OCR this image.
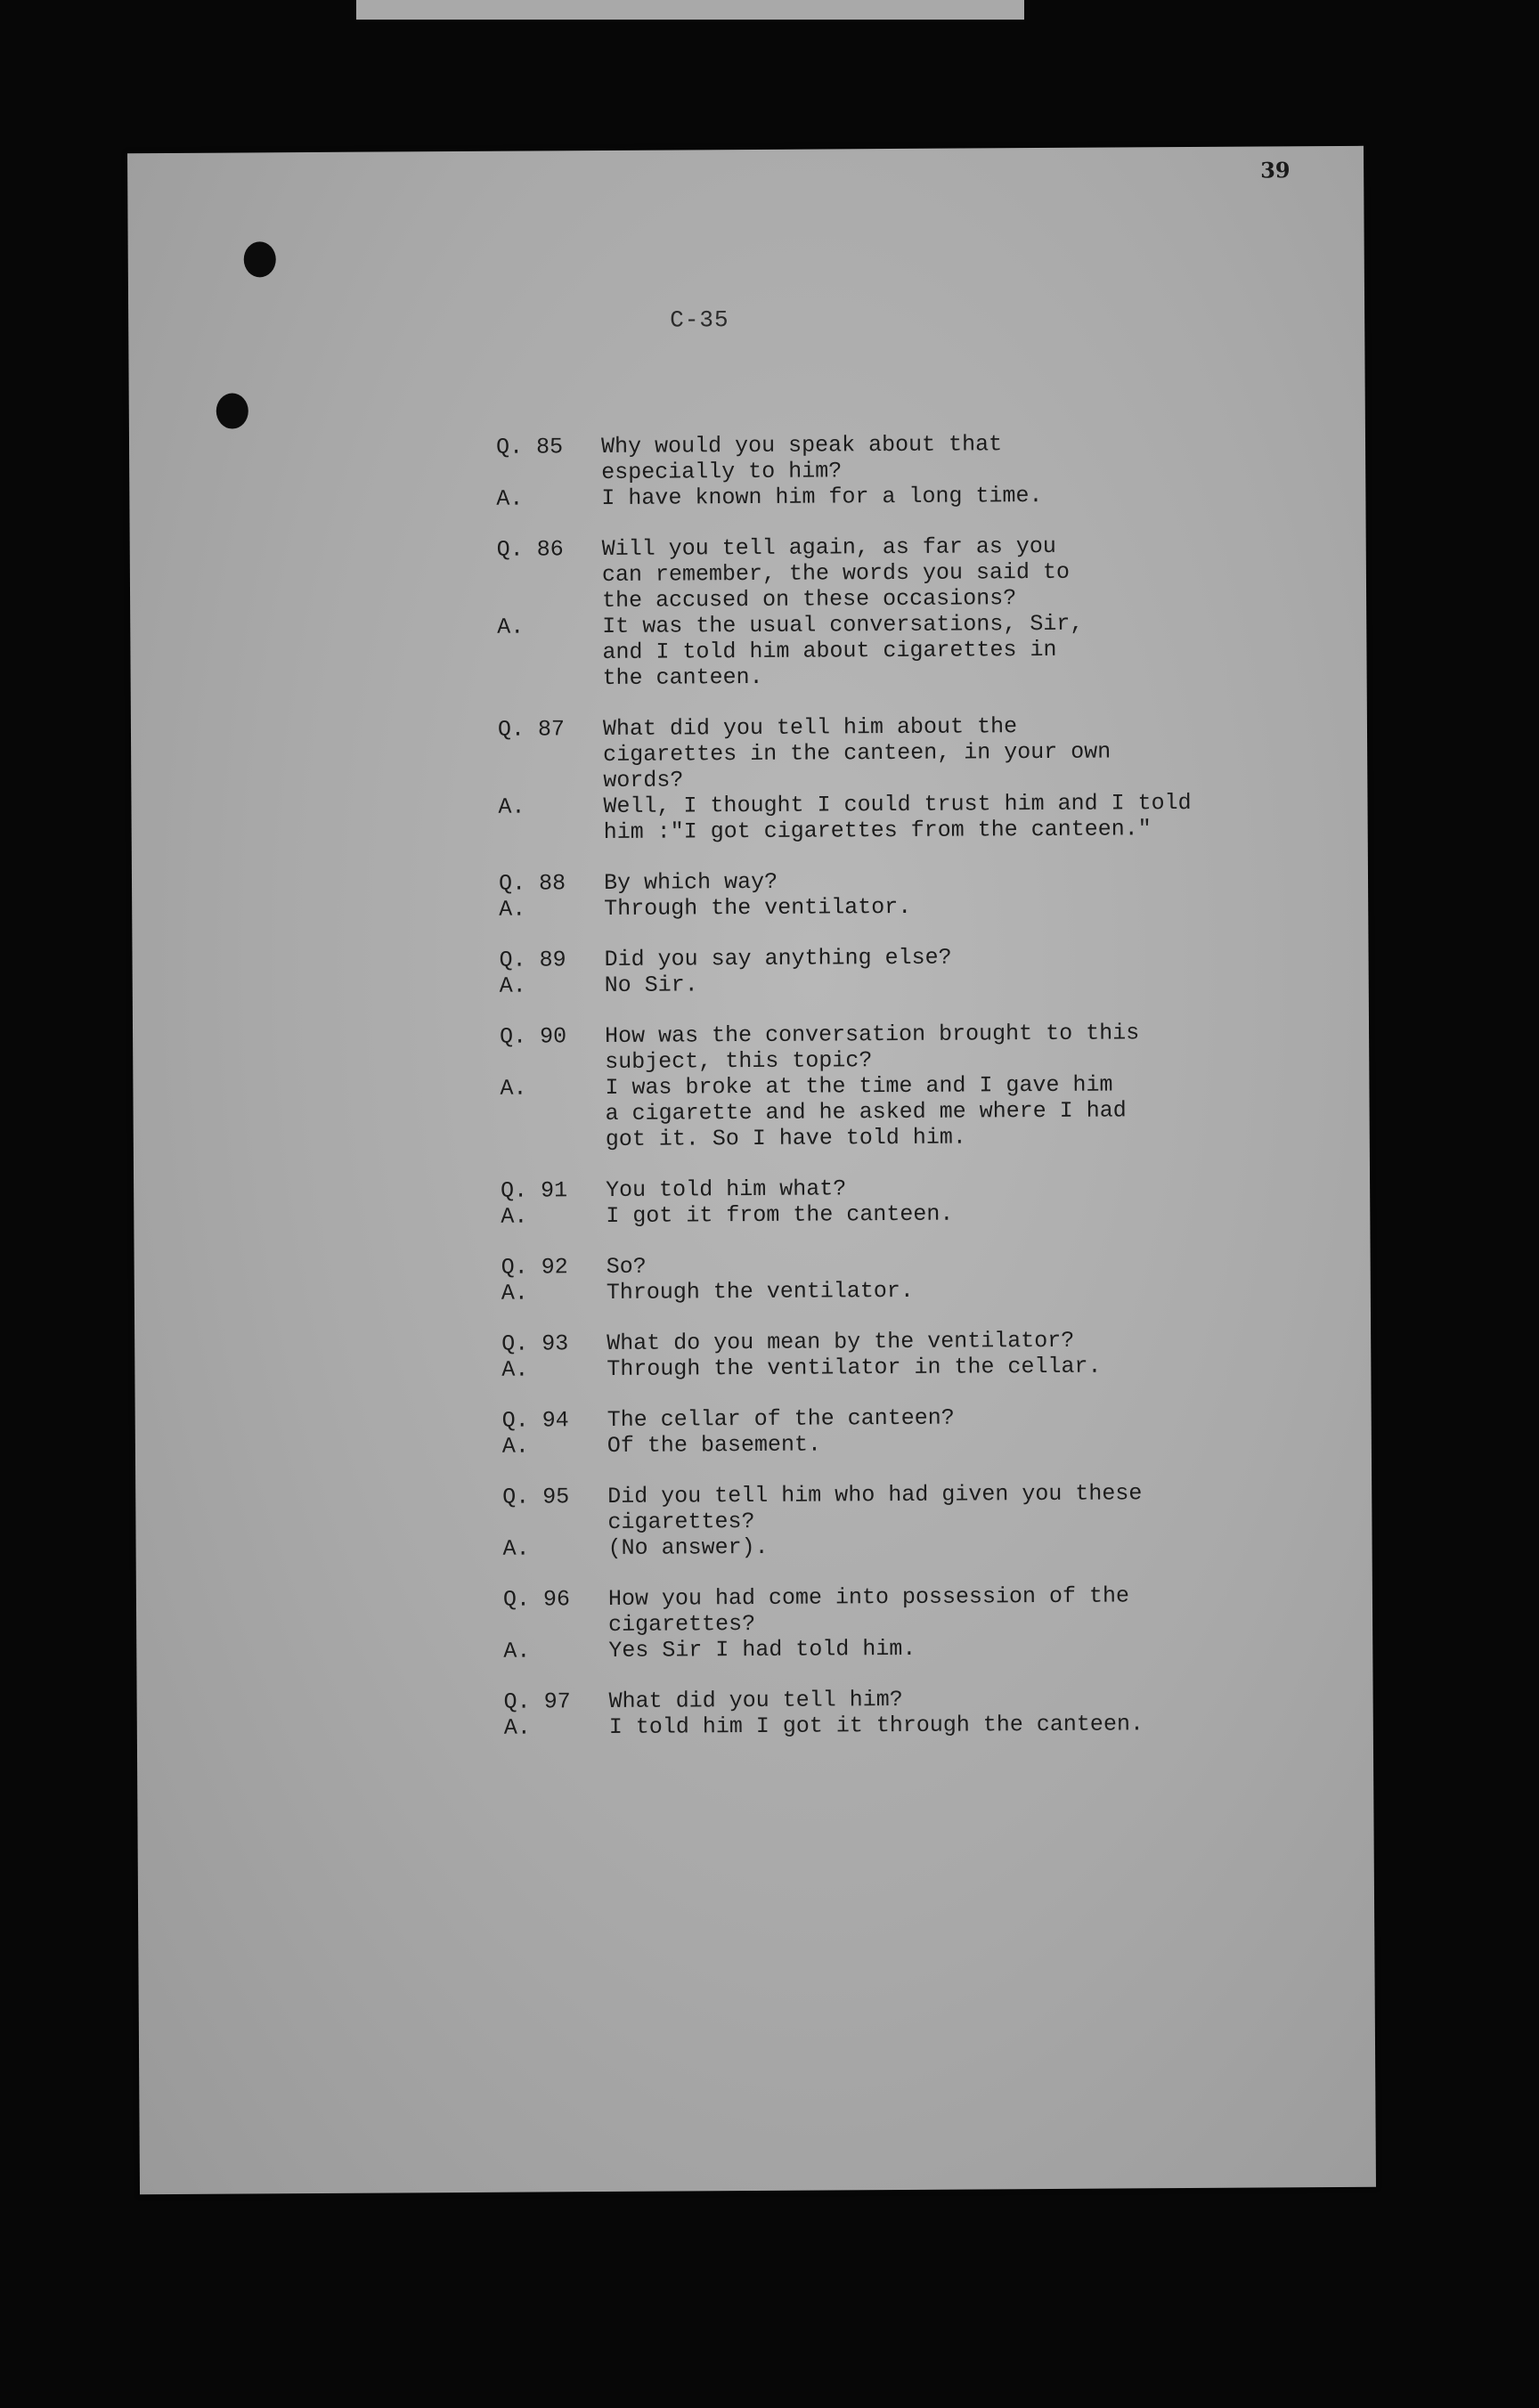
39
C-35
Q. 85	Why would you speak about that
especially to him?
A.	I have known him for a long time.
Q. 86	Will you tell again, as far as you
can remember, the words you said to
the accused on these occasions?
A.	It was the usual conversations, Sir,
and I told him about cigarettes in
the canteen.
Q. 87	What did you tell him about the
cigarettes in the canteen, in your own
words?
A.	Well, I thought I could trust him and I told
him :"I got cigarettes from the canteen."
Q. 88	By which way?
A.	Through the ventilator.
Q. 89	Did you say anything else?
A.	No Sir.
Q. 90	How was the conversation brought to this
subject, this topic?
A.	I was broke at the time and I gave him
a cigarette and he asked me where I had
got it. So I have told him.
Q. 91	You told him what?
A.	I got it from the canteen.
Q. 92	So?
A.	Through the ventilator.
Q. 93	What do you mean by the ventilator?
A.	Through the ventilator in the cellar.
Q. 94	The cellar of the canteen?
A.	Of the basement.
Q. 95	Did you tell him who had given you these
cigarettes?
A.	(No answer).
Q. 96	How you had come into possession of the
cigarettes?
A.	Yes Sir I had told him.
Q. 97	What did you tell him?
A.	I told him I got it through the canteen.
